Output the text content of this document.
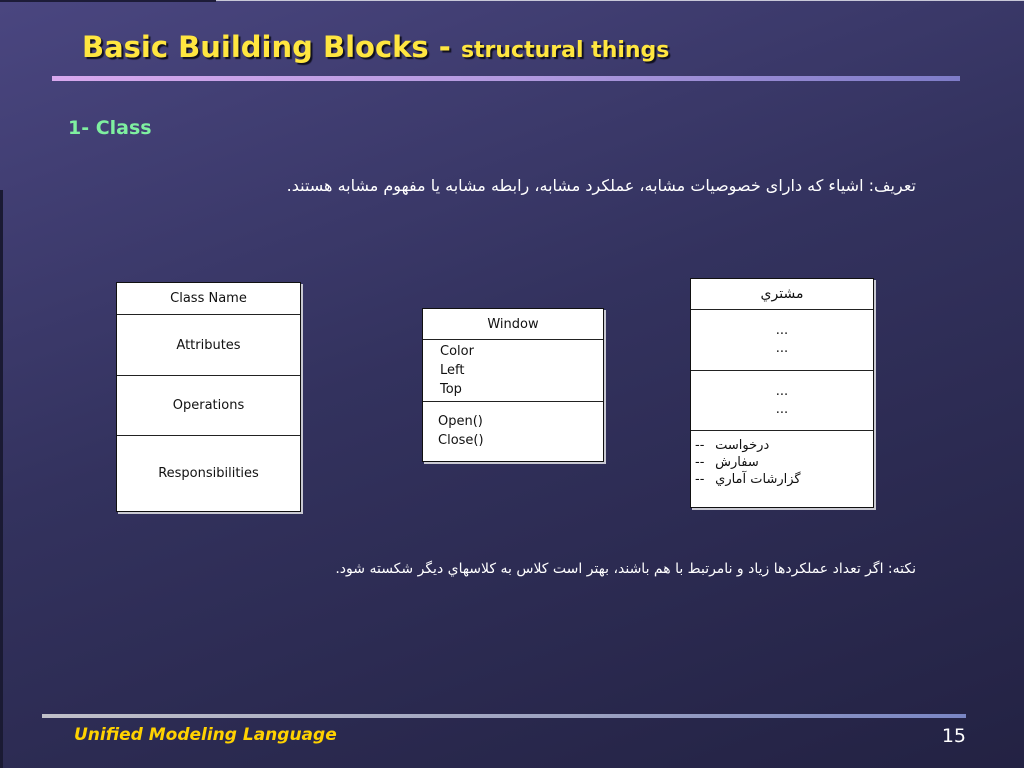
Basic Building Blocks - structural things
1- Class
تعریف: اشیاء که دارای خصوصیات مشابه، عملکرد مشابه، رابطه مشابه یا مفهوم مشابه هستند.
Class Name
Attributes
Operations
Responsibilities
Window
Color
Left
Top
Open()
Close()
مشتري
...
...
...
...
-- درخواست
-- سفارش
-- گزارشات آماري
نکته: اگر تعداد عملکردها زیاد و نامرتبط با هم باشند، بهتر است کلاس به کلاسهاي ديگر شکسته شود.
Unified Modeling Language	15
